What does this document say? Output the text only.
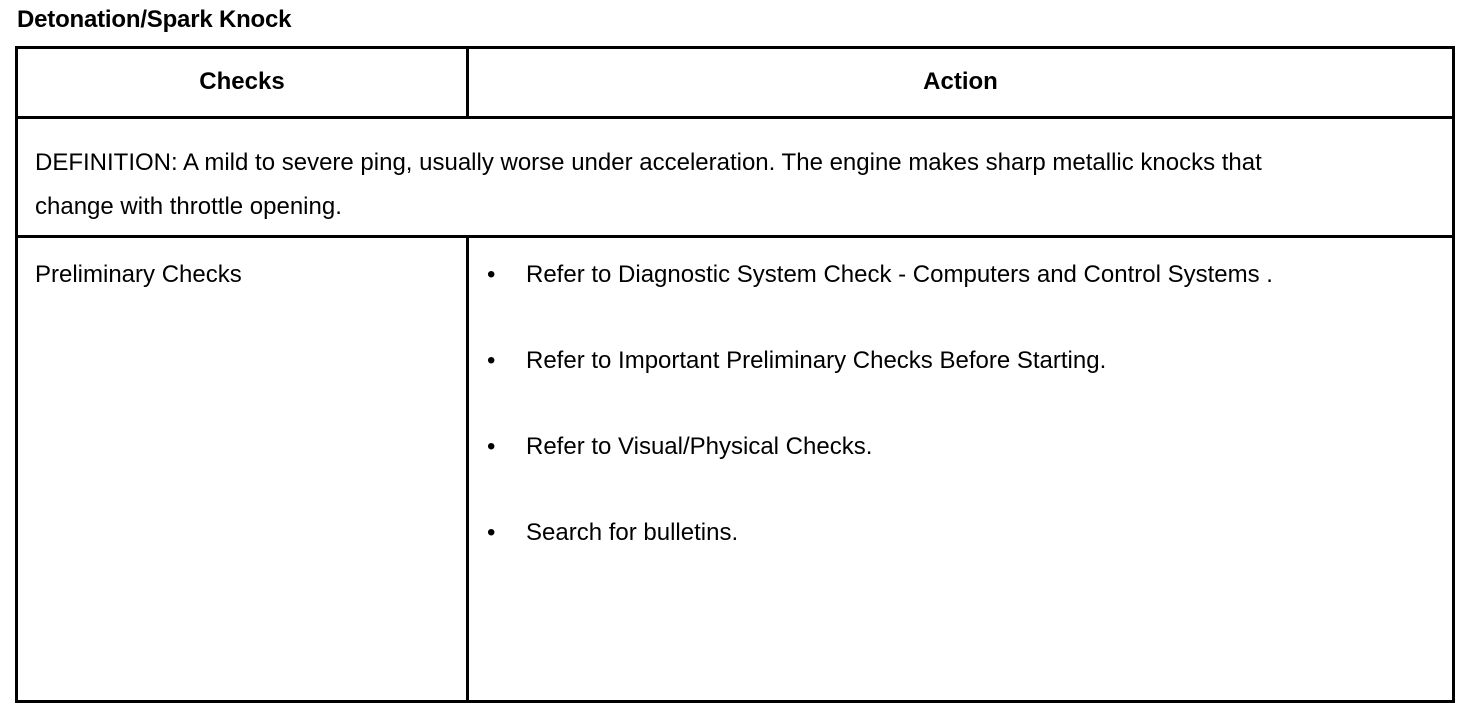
Detonation/Spark Knock
Checks	Action
DEFINITION: A mild to severe ping, usually worse under acceleration. The engine makes sharp metallic knocks that change with throttle opening.
Preliminary Checks	• Refer to Diagnostic System Check - Computers and Control Systems .
• Refer to Important Preliminary Checks Before Starting.
• Refer to Visual/Physical Checks.
• Search for bulletins.
